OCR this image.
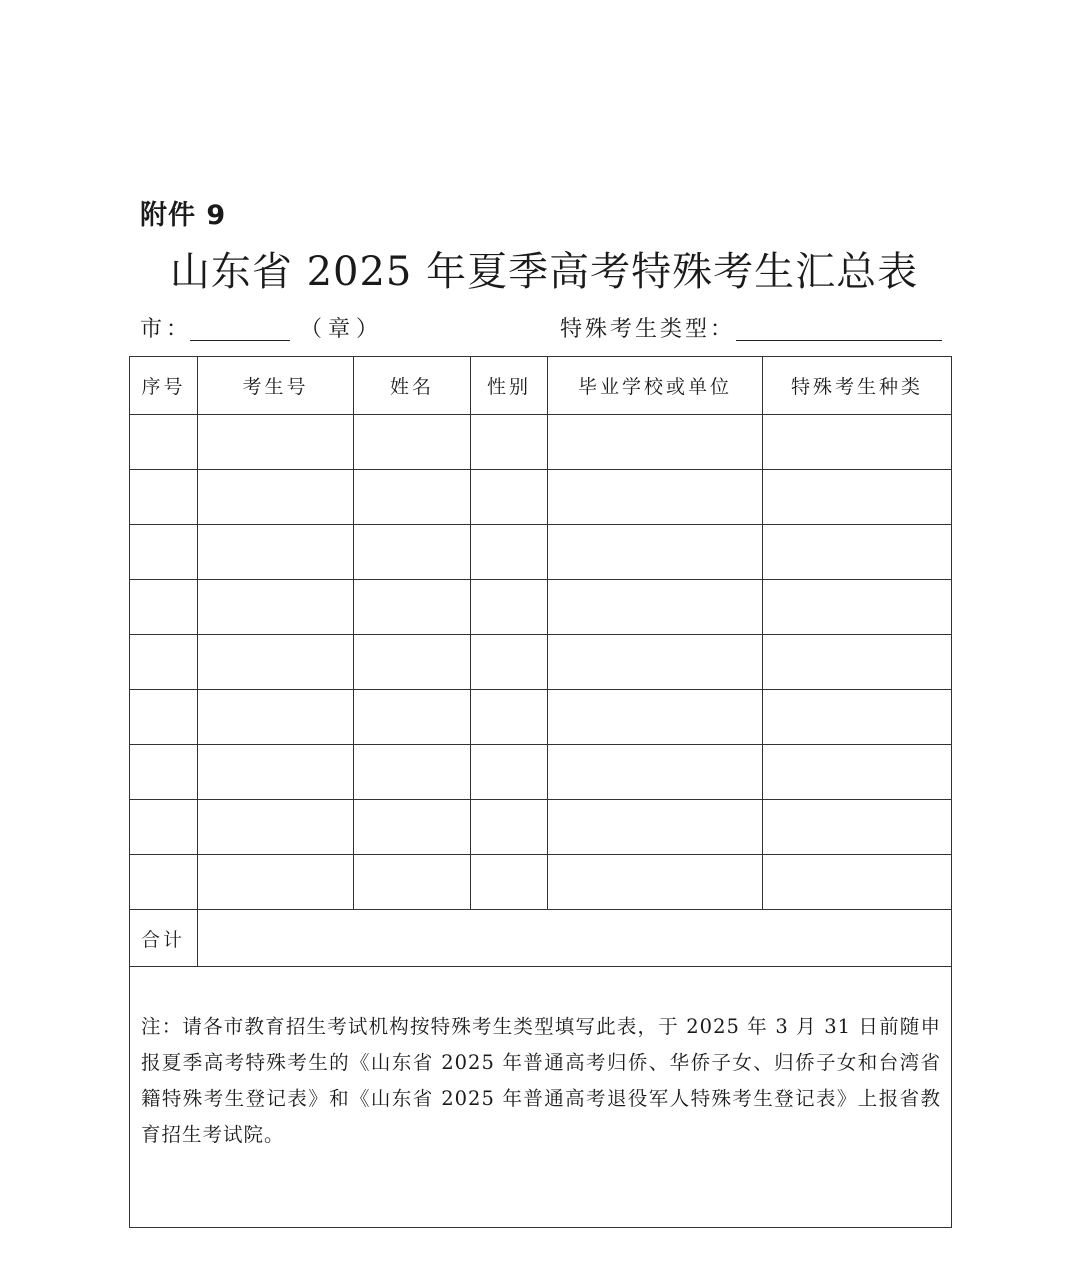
附件 9
山东省 2025 年夏季高考特殊考生汇总表
市：	（章）	特殊考生类型：
序号	考生号	姓名	性别	毕业学校或单位	特殊考生种类

合计					
注：请各市教育招生考试机构按特殊考生类型填写此表，于 2025 年 3 月 31 日前随申报夏季高考特殊考生的《山东省 2025 年普通高考归侨、华侨子女、归侨子女和台湾省籍特殊考生登记表》和《山东省 2025 年普通高考退役军人特殊考生登记表》上报省教育招生考试院。					
